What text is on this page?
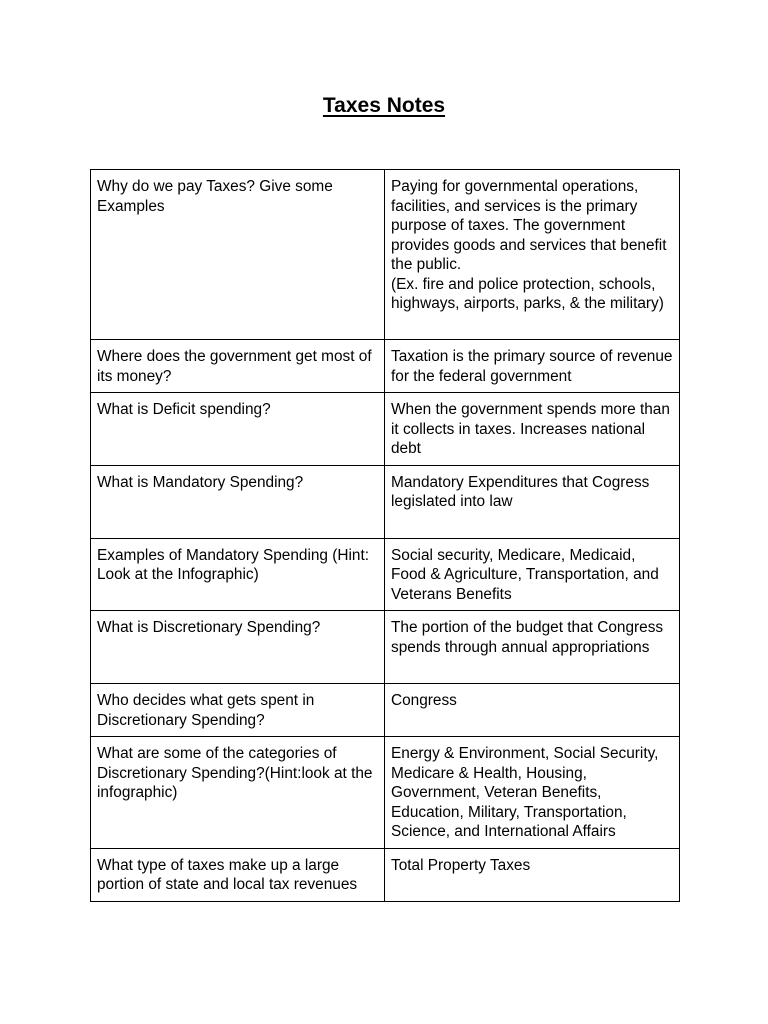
Taxes Notes
Why do we pay Taxes? Give some Examples	Paying for governmental operations, facilities, and services is the primary purpose of taxes. The government provides goods and services that benefit the public.
(Ex. fire and police protection, schools, highways, airports, parks, & the military)
Where does the government get most of its money?	Taxation is the primary source of revenue for the federal government
What is Deficit spending?	When the government spends more than it collects in taxes. Increases national debt
What is Mandatory Spending?	Mandatory Expenditures that Cogress legislated into law
Examples of Mandatory Spending (Hint: Look at the Infographic)	Social security, Medicare, Medicaid, Food & Agriculture, Transportation, and Veterans Benefits
What is Discretionary Spending?	The portion of the budget that Congress spends through annual appropriations
Who decides what gets spent in Discretionary Spending?	Congress
What are some of the categories of Discretionary Spending?(Hint:look at the infographic)	Energy & Environment, Social Security, Medicare & Health, Housing, Government, Veteran Benefits, Education, Military, Transportation, Science, and International Affairs
What type of taxes make up a large portion of state and local tax revenues	Total Property Taxes
